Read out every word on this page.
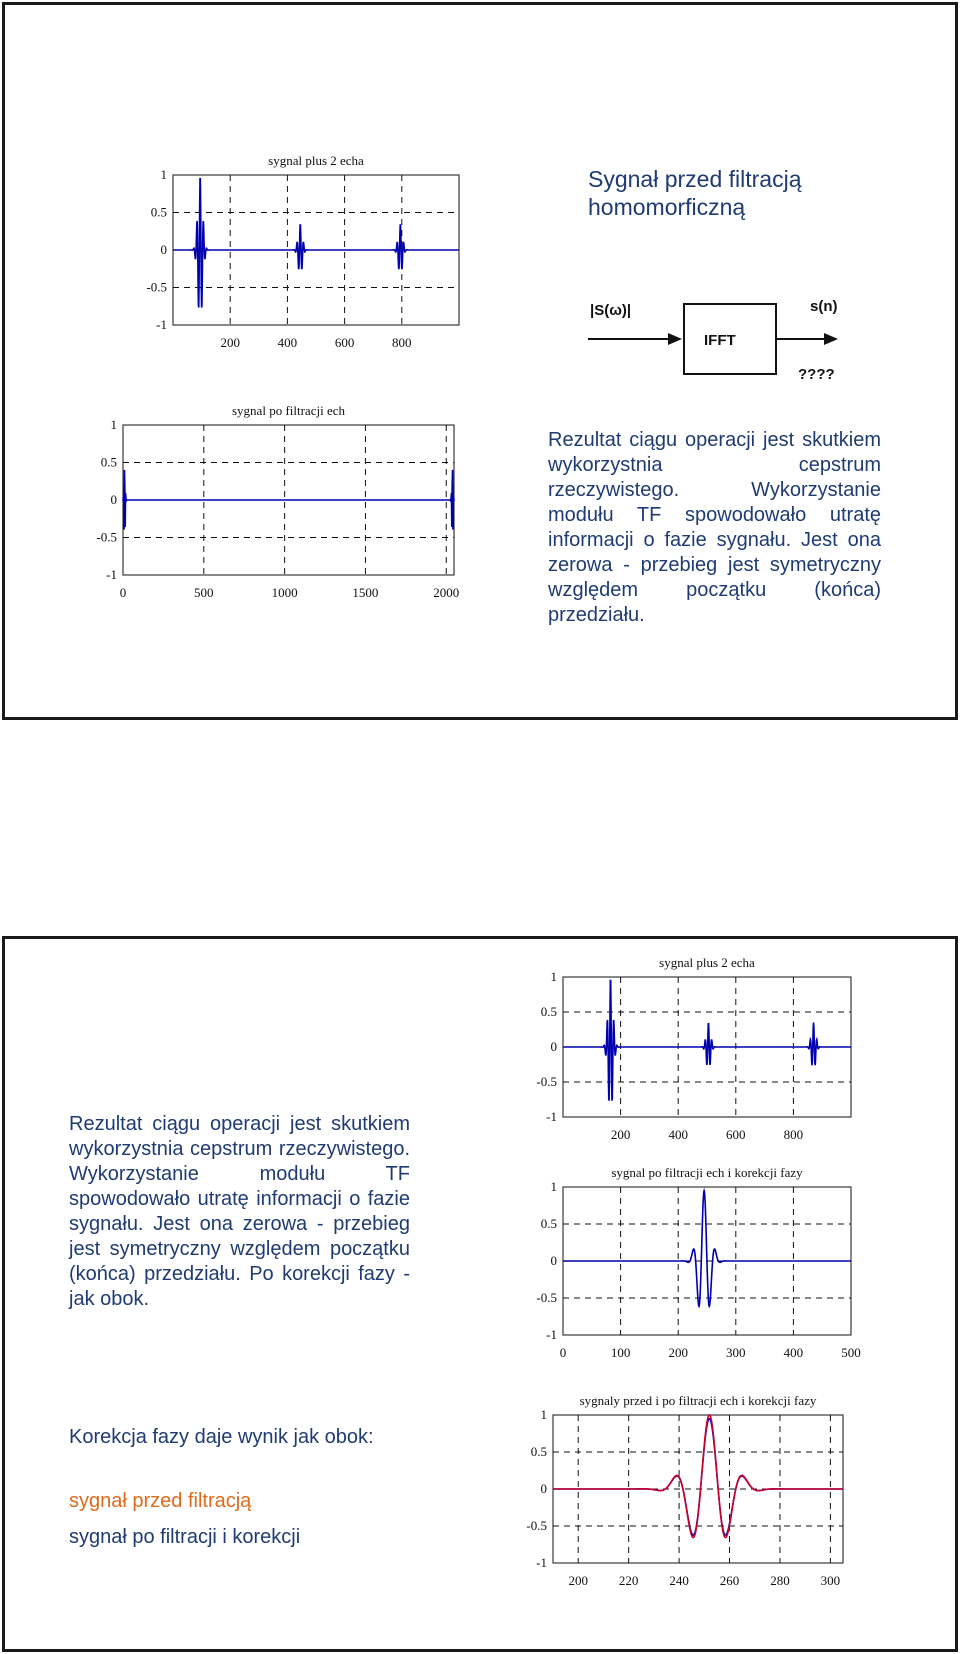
sygnal plus 2 echa
200	400	600	800
1
0.5
0
-0.5
-1
sygnal po filtracji ech
0	500	1000	1500	2000
1
0.5
0
-0.5
-1

Sygnał przed filtracją homomorficzną

|S(ω)|
IFFT
s(n)
????

Rezultat ciągu operacji jest skutkiem wykorzystnia cepstrum rzeczywistego. Wykorzystanie modułu TF spowodowało utratę informacji o fazie sygnału. Jest ona zerowa - przebieg jest symetryczny względem początku (końca) przedziału.

sygnal plus 2 echa
200	400	600	800
1
0.5
0
-0.5
-1
sygnal po filtracji ech i korekcji fazy
0	100	200	300	400	500
1
0.5
0
-0.5
-1
sygnaly przed i po filtracji ech i korekcji fazy
200 220 240 260 280 300
1
0.5
0
-0.5
-1

Rezultat ciągu operacji jest skutkiem wykorzystnia cepstrum rzeczywistego. Wykorzystanie modułu TF spowodowało utratę informacji o fazie sygnału. Jest ona zerowa - przebieg jest symetryczny względem początku (końca) przedziału. Po korekcji fazy - jak obok.

Korekcja fazy daje wynik jak obok:

sygnał przed filtracją

sygnał po filtracji i korekcji
